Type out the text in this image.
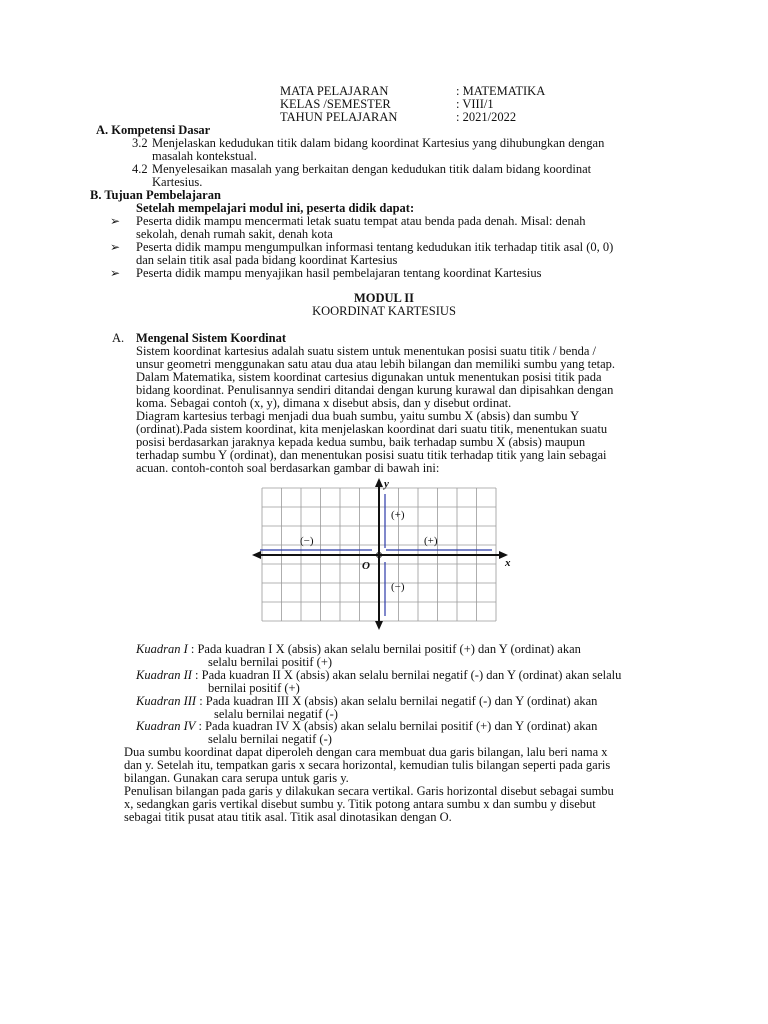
MATA PELAJARAN	: MATEMATIKA
KELAS /SEMESTER	: VIII/1
TAHUN PELAJARAN	: 2021/2022
A. Kompetensi Dasar
3.2 Menjelaskan kedudukan titik dalam bidang koordinat Kartesius yang dihubungkan dengan
masalah kontekstual.
4.2 Menyelesaikan masalah yang berkaitan dengan kedudukan titik dalam bidang koordinat
Kartesius.
B. Tujuan Pembelajaran
Setelah mempelajari modul ini, peserta didik dapat:
➢ Peserta didik mampu mencermati letak suatu tempat atau benda pada denah. Misal: denah
sekolah, denah rumah sakit, denah kota
➢ Peserta didik mampu mengumpulkan informasi tentang kedudukan itik terhadap titik asal (0, 0)
dan selain titik asal pada bidang koordinat Kartesius
➢ Peserta didik mampu menyajikan hasil pembelajaran tentang koordinat Kartesius
MODUL II
KOORDINAT KARTESIUS
A. Mengenal Sistem Koordinat
Sistem koordinat kartesius adalah suatu sistem untuk menentukan posisi suatu titik / benda /
unsur geometri menggunakan satu atau dua atau lebih bilangan dan memiliki sumbu yang tetap.
Dalam Matematika, sistem koordinat cartesius digunakan untuk menentukan posisi titik pada
bidang koordinat. Penulisannya sendiri ditandai dengan kurung kurawal dan dipisahkan dengan
koma. Sebagai contoh (x, y), dimana x disebut absis, dan y disebut ordinat.
Diagram kartesius terbagi menjadi dua buah sumbu, yaitu sumbu X (absis) dan sumbu Y
(ordinat).Pada sistem koordinat, kita menjelaskan koordinat dari suatu titik, menentukan suatu
posisi berdasarkan jaraknya kepada kedua sumbu, baik terhadap sumbu X (absis) maupun
terhadap sumbu Y (ordinat), dan menentukan posisi suatu titik terhadap titik yang lain sebagai
acuan. contoh-contoh soal berdasarkan gambar di bawah ini:
y
x
O
(+)
(+)
(−)
(−)
Kuadran I : Pada kuadran I X (absis) akan selalu bernilai positif (+) dan Y (ordinat) akan
selalu bernilai positif (+)
Kuadran II : Pada kuadran II X (absis) akan selalu bernilai negatif (-) dan Y (ordinat) akan selalu
bernilai positif (+)
Kuadran III : Pada kuadran III X (absis) akan selalu bernilai negatif (-) dan Y (ordinat) akan
selalu bernilai negatif (-)
Kuadran IV : Pada kuadran IV X (absis) akan selalu bernilai positif (+) dan Y (ordinat) akan
selalu bernilai negatif (-)
Dua sumbu koordinat dapat diperoleh dengan cara membuat dua garis bilangan, lalu beri nama x
dan y. Setelah itu, tempatkan garis x secara horizontal, kemudian tulis bilangan seperti pada garis
bilangan. Gunakan cara serupa untuk garis y.
Penulisan bilangan pada garis y dilakukan secara vertikal. Garis horizontal disebut sebagai sumbu
x, sedangkan garis vertikal disebut sumbu y. Titik potong antara sumbu x dan sumbu y disebut
sebagai titik pusat atau titik asal. Titik asal dinotasikan dengan O.
